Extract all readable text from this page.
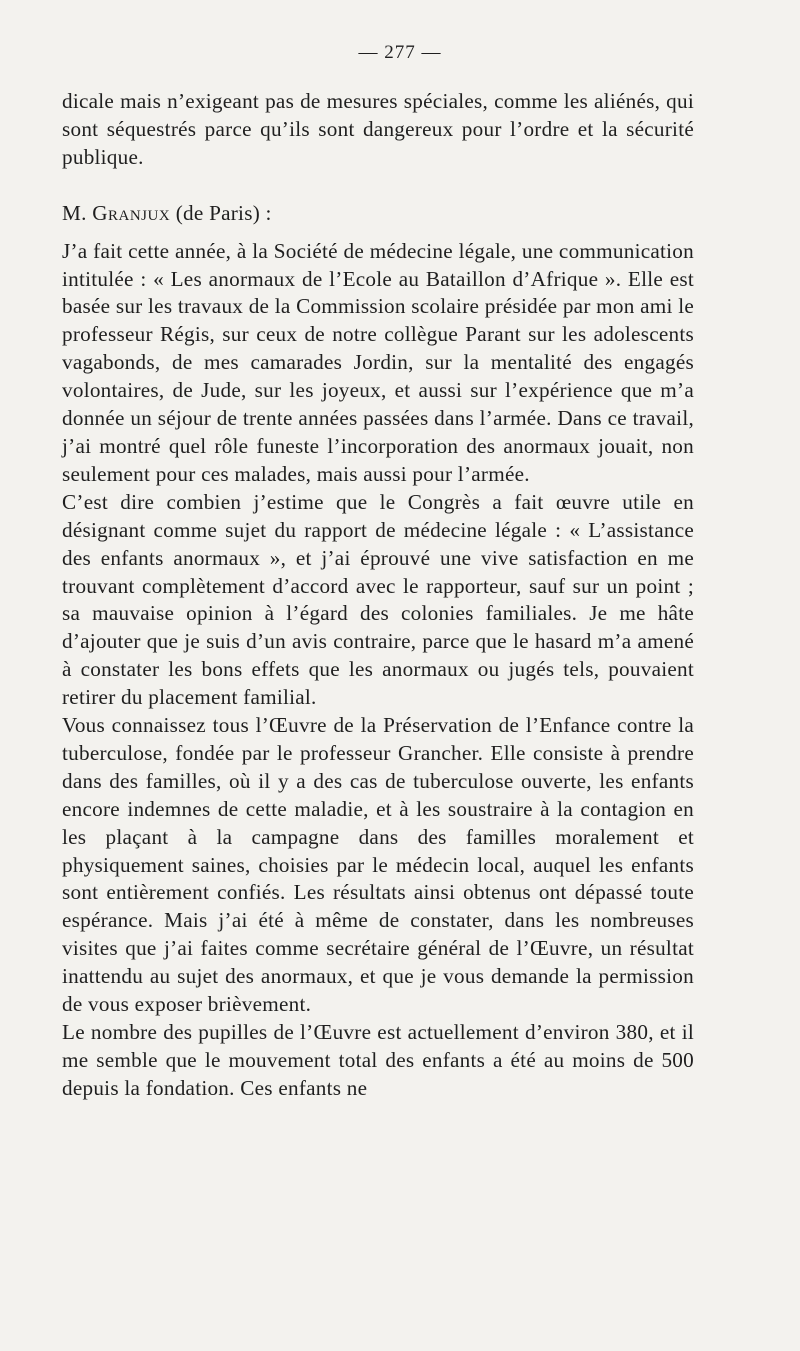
— 277 —

dicale mais n’exigeant pas de mesures spéciales, comme les aliénés, qui sont séquestrés parce qu’ils sont dangereux pour l’ordre et la sécurité publique.

M. Granjux (de Paris) :

J’a fait cette année, à la Société de médecine légale, une communication intitulée : « Les anormaux de l’Ecole au Bataillon d’Afrique ». Elle est basée sur les travaux de la Commission scolaire présidée par mon ami le professeur Régis, sur ceux de notre collègue Parant sur les adolescents vagabonds, de mes camarades Jordin, sur la mentalité des engagés volontaires, de Jude, sur les joyeux, et aussi sur l’expérience que m’a donnée un séjour de trente années passées dans l’armée. Dans ce travail, j’ai montré quel rôle funeste l’incorporation des anormaux jouait, non seulement pour ces malades, mais aussi pour l’armée.

C’est dire combien j’estime que le Congrès a fait œuvre utile en désignant comme sujet du rapport de médecine légale : « L’assistance des enfants anormaux », et j’ai éprouvé une vive satisfaction en me trouvant complètement d’accord avec le rapporteur, sauf sur un point ; sa mauvaise opinion à l’égard des colonies familiales. Je me hâte d’ajouter que je suis d’un avis contraire, parce que le hasard m’a amené à constater les bons effets que les anormaux ou jugés tels, pouvaient retirer du placement familial.

Vous connaissez tous l’Œuvre de la Préservation de l’Enfance contre la tuberculose, fondée par le professeur Grancher. Elle consiste à prendre dans des familles, où il y a des cas de tuberculose ouverte, les enfants encore indemnes de cette maladie, et à les soustraire à la contagion en les plaçant à la campagne dans des familles moralement et physiquement saines, choisies par le médecin local, auquel les enfants sont entièrement confiés. Les résultats ainsi obtenus ont dépassé toute espérance. Mais j’ai été à même de constater, dans les nombreuses visites que j’ai faites comme secrétaire général de l’Œuvre, un résultat inattendu au sujet des anormaux, et que je vous demande la permission de vous exposer brièvement.

Le nombre des pupilles de l’Œuvre est actuellement d’environ 380, et il me semble que le mouvement total des enfants a été au moins de 500 depuis la fondation. Ces enfants ne
